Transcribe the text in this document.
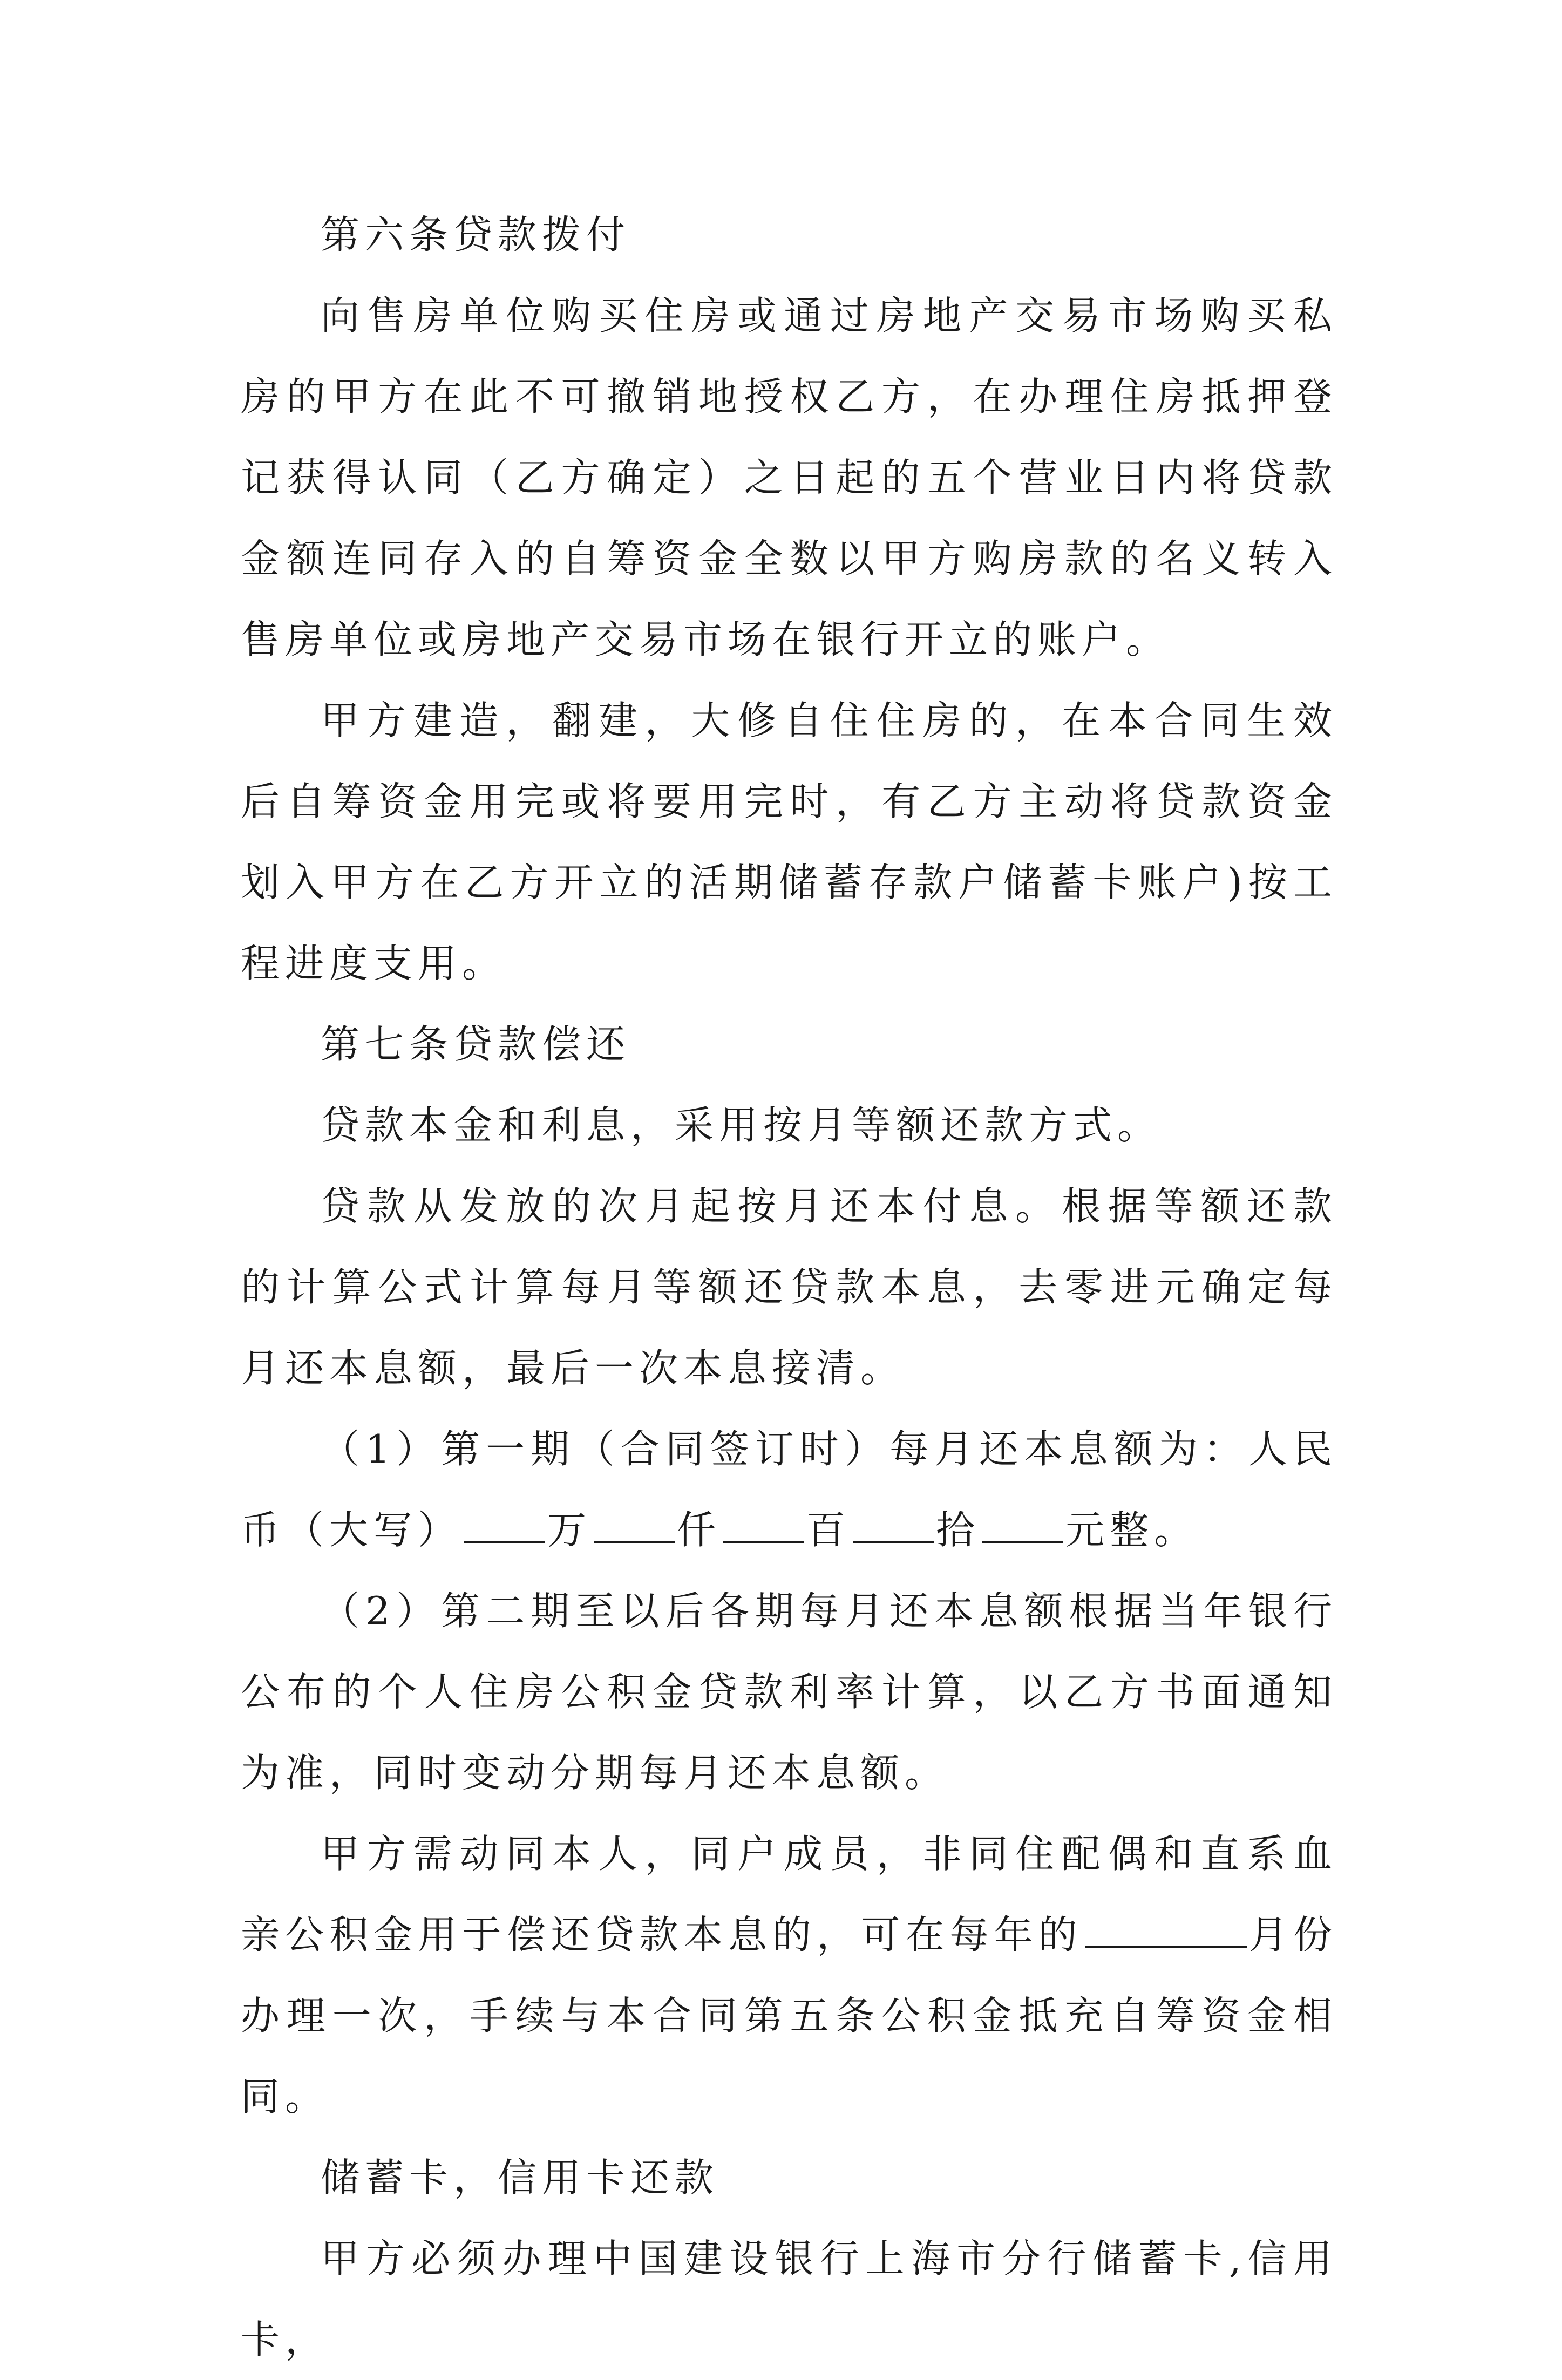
第六条贷款拨付

向售房单位购买住房或通过房地产交易市场购买私房的甲方在此不可撤销地授权乙方，在办理住房抵押登记获得认同（乙方确定）之日起的五个营业日内将贷款金额连同存入的自筹资金全数以甲方购房款的名义转入售房单位或房地产交易市场在银行开立的账户。

甲方建造，翻建，大修自住住房的，在本合同生效后自筹资金用完或将要用完时，有乙方主动将贷款资金划入甲方在乙方开立的活期储蓄存款户储蓄卡账户)按工程进度支用。

第七条贷款偿还

贷款本金和利息，采用按月等额还款方式。

贷款从发放的次月起按月还本付息。根据等额还款的计算公式计算每月等额还贷款本息，去零进元确定每月还本息额，最后一次本息接清。

（1）第一期（合同签订时）每月还本息额为：人民币（大写） 万 仟 百 拾 元整。

（2）第二期至以后各期每月还本息额根据当年银行公布的个人住房公积金贷款利率计算，以乙方书面通知为准，同时变动分期每月还本息额。

甲方需动同本人，同户成员，非同住配偶和直系血亲公积金用于偿还贷款本息的，可在每年的	月份办理一次，手续与本合同第五条公积金抵充自筹资金相同。

储蓄卡，信用卡还款

甲方必须办理中国建设银行上海市分行储蓄卡,信用卡，
